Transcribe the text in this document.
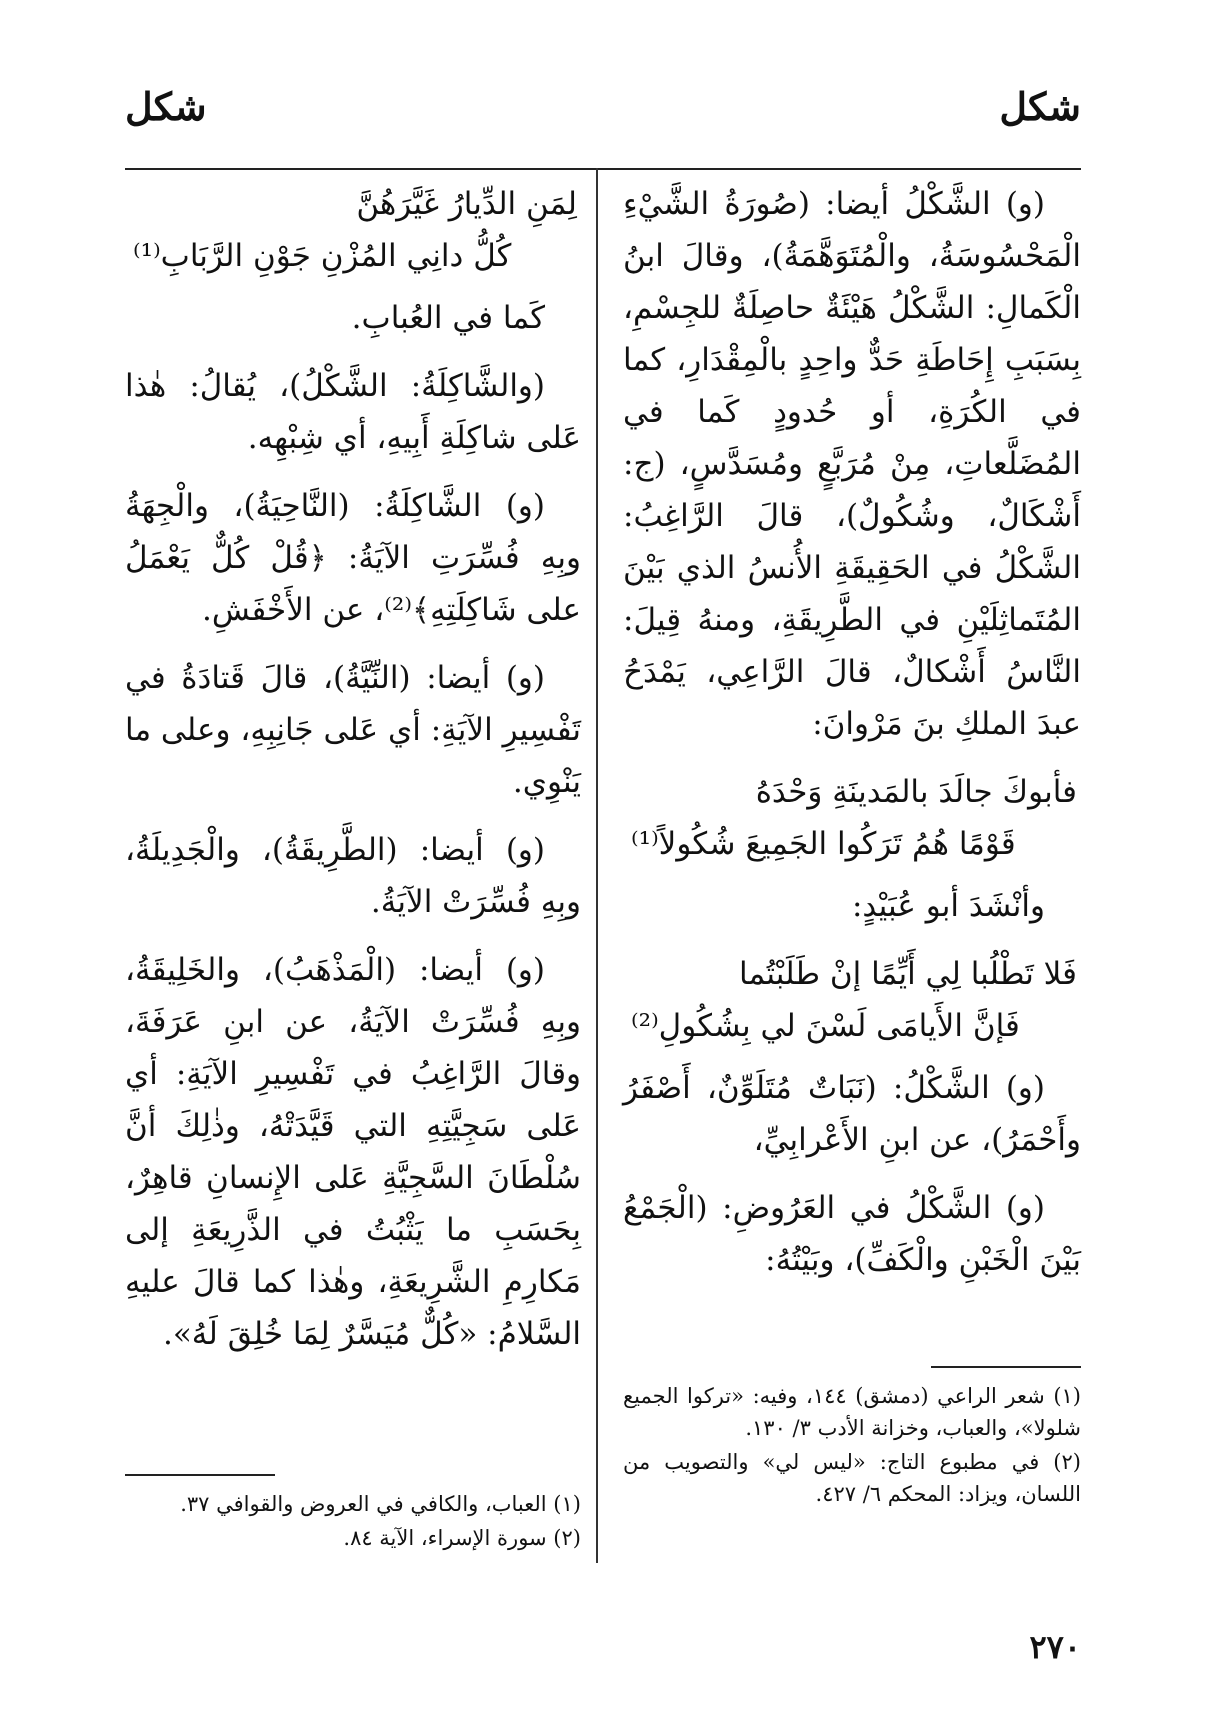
شكل
شكل

(و) الشَّكْلُ أيضا: (صُورَةُ الشَّيْءِ الْمَحْسُوسَةُ، والْمُتَوَهَّمَةُ)، وقالَ ابنُ الْكَمالِ: الشَّكْلُ هَيْئَةٌ حاصِلَةٌ للجِسْمِ، بِسَبَبِ إِحَاطَةِ حَدٌّ واحِدٍ بالْمِقْدَارِ، كما في الكُرَةِ، أو حُدودٍ كَما في المُضَلَّعاتِ، مِنْ مُرَبَّعٍ ومُسَدَّسٍ، (ج: أَشْكَالٌ، وشُكُولٌ)، قالَ الرَّاغِبُ: الشَّكْلُ في الحَقِيقَةِ الأُنسُ الذي بَيْنَ المُتَماثِلَيْنِ في الطَّرِيقَةِ، ومنهُ قِيلَ: النَّاسُ أَشْكالٌ، قالَ الرَّاعِي، يَمْدَحُ عبدَ الملكِ بنَ مَرْوانَ:

فأبوكَ جالَدَ بالمَدينَةِ وَحْدَهُ
قَوْمًا هُمُ تَرَكُوا الجَمِيعَ شُكُولاً⁽¹⁾

وأنْشَدَ أبو عُبَيْدٍ:

فَلا تَطْلُبا لِي أَيِّمًا إنْ طَلَبْتُما
فَإنَّ الأَيامَى لَسْنَ لي بِشُكُولِ⁽²⁾

(و) الشَّكْلُ: (نَبَاتٌ مُتَلَوِّنٌ، أَصْفَرُ وأَحْمَرُ)، عن ابنِ الأَعْرابِيِّ،

(و) الشَّكْلُ في العَرُوضِ: (الْجَمْعُ بَيْنَ الْخَبْنِ والْكَفِّ)، وبَيْتُهُ:

(١) شعر الراعي (دمشق) ١٤٤، وفيه: «تركوا الجميع شلولا»، والعباب، وخزانة الأدب ٣/ ١٣٠.
(٢) في مطبوع التاج: «ليس لي» والتصويب من اللسان، ويزاد: المحكم ٦/ ٤٢٧.
لِمَنِ الدِّيارُ غَيَّرَهُنَّ
كُلُّ دانِي المُزْنِ جَوْنِ الرَّبَابِ⁽¹⁾

كَما في العُبابِ.

(والشَّاكِلَةُ: الشَّكْلُ)، يُقالُ: هٰذا عَلى شاكِلَةِ أَبِيهِ، أي شِبْهِه.

(و) الشَّاكِلَةُ: (النَّاحِيَةُ)، والْجِهَةُ وبِهِ فُسِّرَتِ الآيَةُ: ﴿قُلْ كُلٌّ يَعْمَلُ على شَاكِلَتِهِ﴾⁽²⁾، عن الأَخْفَشِ.

(و) أيضا: (النِّيَّةُ)، قالَ قَتادَةُ في تَفْسِيرِ الآيَةِ: أي عَلى جَانِبِهِ، وعلى ما يَنْوِي.

(و) أيضا: (الطَّرِيقَةُ)، والْجَدِيلَةُ، وبِهِ فُسِّرَتْ الآيَةُ.

(و) أيضا: (الْمَذْهَبُ)، والخَلِيقَةُ، وبِهِ فُسِّرَتْ الآيَةُ، عن ابنِ عَرَفَةَ، وقالَ الرَّاغِبُ في تَفْسِيرِ الآيَةِ: أي عَلى سَجِيَّتِهِ التي قَيَّدَتْهُ، وذٰلِكَ أنَّ سُلْطَانَ السَّجِيَّةِ عَلى الإِنسانِ قاهِرٌ، بِحَسَبِ ما يَثْبُتُ في الذَّرِيعَةِ إلى مَكارِمِ الشَّرِيعَةِ، وهٰذا كما قالَ عليهِ السَّلامُ: «كُلٌّ مُيَسَّرٌ لِمَا خُلِقَ لَهُ».

(١) العباب، والكافي في العروض والقوافي ٣٧.
(٢) سورة الإسراء، الآية ٨٤.
٢٧٠
